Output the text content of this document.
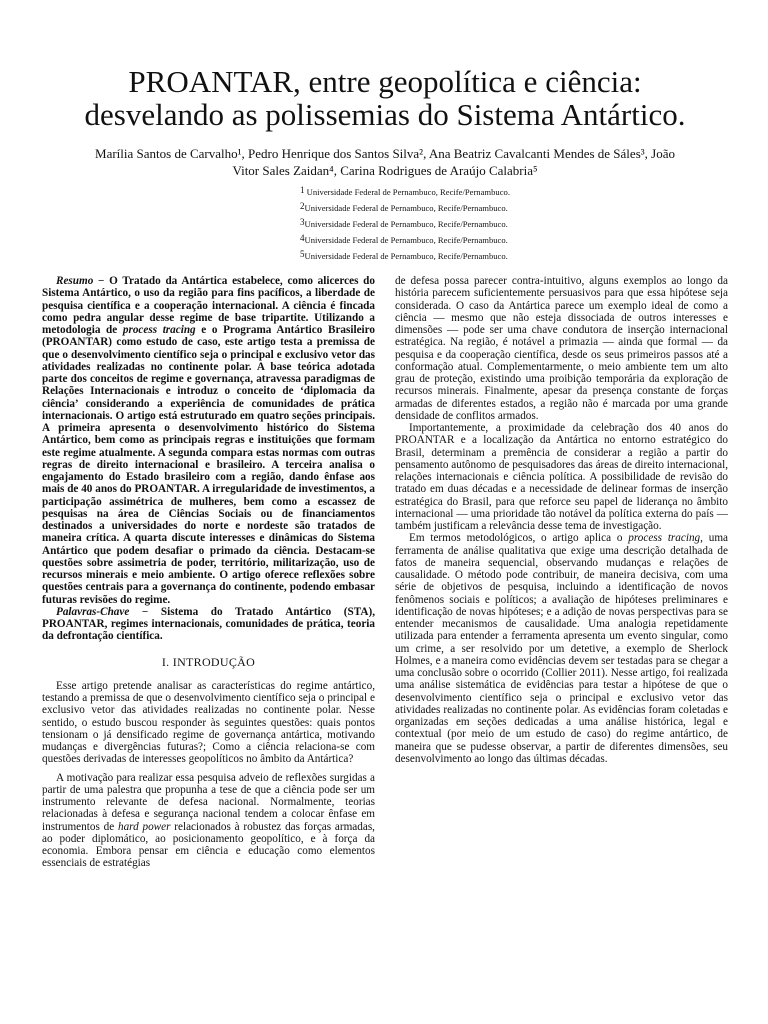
PROANTAR, entre geopolítica e ciência:
desvelando as polissemias do Sistema Antártico.
Marília Santos de Carvalho¹, Pedro Henrique dos Santos Silva², Ana Beatriz Cavalcanti Mendes de Sáles³, João Vitor Sales Zaidan⁴, Carina Rodrigues de Araújo Calabria⁵
$^1$ Universidade Federal de Pernambuco, Recife/Pernambuco.
$^2$Universidade Federal de Pernambuco, Recife/Pernambuco.
$^3$Universidade Federal de Pernambuco, Recife/Pernambuco.
$^4$Universidade Federal de Pernambuco, Recife/Pernambuco.
$^5$Universidade Federal de Pernambuco, Recife/Pernambuco.

Resumo − O Tratado da Antártica estabelece, como alicerces do Sistema Antártico, o uso da região para fins pacíficos, a liberdade de pesquisa científica e a cooperação internacional. A ciência é fincada como pedra angular desse regime de base tripartite. Utilizando a metodologia de process tracing e o Programa Antártico Brasileiro (PROANTAR) como estudo de caso, este artigo testa a premissa de que o desenvolvimento científico seja o principal e exclusivo vetor das atividades realizadas no continente polar. A base teórica adotada parte dos conceitos de regime e governança, atravessa paradigmas de Relações Internacionais e introduz o conceito de ‘diplomacia da ciência’ considerando a experiência de comunidades de prática internacionais. O artigo está estruturado em quatro seções principais. A primeira apresenta o desenvolvimento histórico do Sistema Antártico, bem como as principais regras e instituições que formam este regime atualmente. A segunda compara estas normas com outras regras de direito internacional e brasileiro. A terceira analisa o engajamento do Estado brasileiro com a região, dando ênfase aos mais de 40 anos do PROANTAR. A irregularidade de investimentos, a participação assimétrica de mulheres, bem como a escassez de pesquisas na área de Ciências Sociais ou de financiamentos destinados a universidades do norte e nordeste são tratados de maneira crítica. A quarta discute interesses e dinâmicas do Sistema Antártico que podem desafiar o primado da ciência. Destacam-se questões sobre assimetria de poder, território, militarização, uso de recursos minerais e meio ambiente. O artigo oferece reflexões sobre questões centrais para a governança do continente, podendo embasar futuras revisões do regime.

Palavras-Chave − Sistema do Tratado Antártico (STA), PROANTAR, regimes internacionais, comunidades de prática, teoria da defrontação científica.

I. INTRODUÇÃO

Esse artigo pretende analisar as características do regime antártico, testando a premissa de que o desenvolvimento científico seja o principal e exclusivo vetor das atividades realizadas no continente polar. Nesse sentido, o estudo buscou responder às seguintes questões: quais pontos tensionam o já densificado regime de governança antártica, motivando mudanças e divergências futuras?; Como a ciência relaciona-se com questões derivadas de interesses geopolíticos no âmbito da Antártica?

A motivação para realizar essa pesquisa adveio de reflexões surgidas a partir de uma palestra que propunha a tese de que a ciência pode ser um instrumento relevante de defesa nacional. Normalmente, teorias relacionadas à defesa e segurança nacional tendem a colocar ênfase em instrumentos de hard power relacionados à robustez das forças armadas, ao poder diplomático, ao posicionamento geopolítico, e à força da economia. Embora pensar em ciência e educação como elementos essenciais de estratégias

de defesa possa parecer contra-intuitivo, alguns exemplos ao longo da história parecem suficientemente persuasivos para que essa hipótese seja considerada. O caso da Antártica parece um exemplo ideal de como a ciência — mesmo que não esteja dissociada de outros interesses e dimensões — pode ser uma chave condutora de inserção internacional estratégica. Na região, é notável a primazia — ainda que formal — da pesquisa e da cooperação científica, desde os seus primeiros passos até a conformação atual. Complementarmente, o meio ambiente tem um alto grau de proteção, existindo uma proibição temporária da exploração de recursos minerais. Finalmente, apesar da presença constante de forças armadas de diferentes estados, a região não é marcada por uma grande densidade de conflitos armados.

Importantemente, a proximidade da celebração dos 40 anos do PROANTAR e a localização da Antártica no entorno estratégico do Brasil, determinam a premência de considerar a região a partir do pensamento autônomo de pesquisadores das áreas de direito internacional, relações internacionais e ciência política. A possibilidade de revisão do tratado em duas décadas e a necessidade de delinear formas de inserção estratégica do Brasil, para que reforce seu papel de liderança no âmbito internacional — uma prioridade tão notável da política externa do país — também justificam a relevância desse tema de investigação.

Em termos metodológicos, o artigo aplica o process tracing, uma ferramenta de análise qualitativa que exige uma descrição detalhada de fatos de maneira sequencial, observando mudanças e relações de causalidade. O método pode contribuir, de maneira decisiva, com uma série de objetivos de pesquisa, incluindo a identificação de novos fenômenos sociais e políticos; a avaliação de hipóteses preliminares e identificação de novas hipóteses; e a adição de novas perspectivas para se entender mecanismos de causalidade. Uma analogia repetidamente utilizada para entender a ferramenta apresenta um evento singular, como um crime, a ser resolvido por um detetive, a exemplo de Sherlock Holmes, e a maneira como evidências devem ser testadas para se chegar a uma conclusão sobre o ocorrido (Collier 2011). Nesse artigo, foi realizada uma análise sistemática de evidências para testar a hipótese de que o desenvolvimento científico seja o principal e exclusivo vetor das atividades realizadas no continente polar. As evidências foram coletadas e organizadas em seções dedicadas a uma análise histórica, legal e contextual (por meio de um estudo de caso) do regime antártico, de maneira que se pudesse observar, a partir de diferentes dimensões, seu desenvolvimento ao longo das últimas décadas.
